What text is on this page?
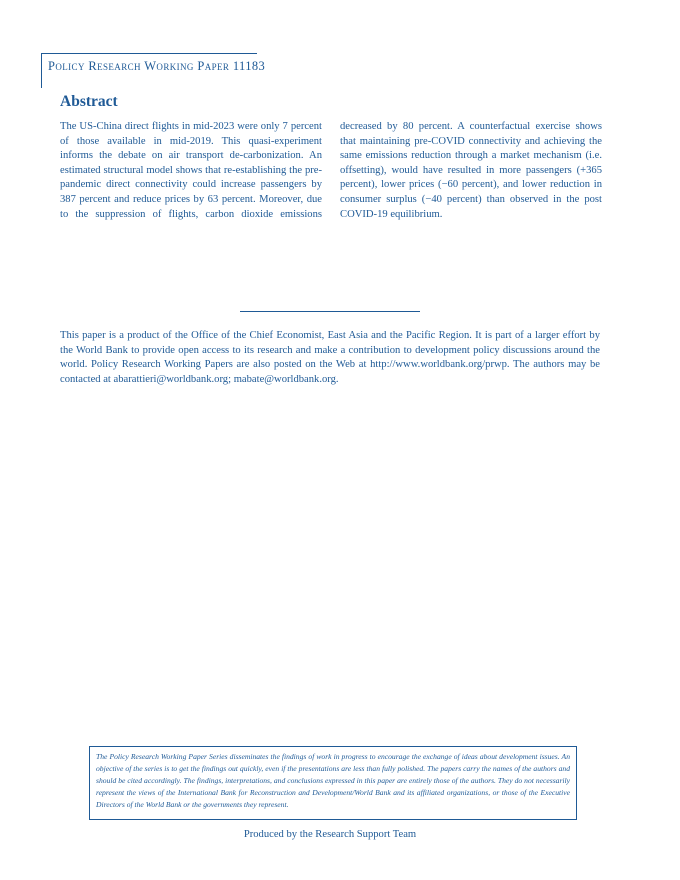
Policy Research Working Paper 11183
Abstract

The US-China direct flights in mid-2023 were only 7 percent of those available in mid-2019. This quasi-experiment informs the debate on air transport de-carbonization. An estimated structural model shows that re-establishing the pre-pandemic direct connectivity could increase passengers by 387 percent and reduce prices by 63 percent. Moreover, due to the suppression of flights, carbon dioxide emissions decreased by 80 percent. A counterfactual exercise shows that maintaining pre-COVID connectivity and achieving the same emissions reduction through a market mechanism (i.e. offsetting), would have resulted in more passengers (+365 percent), lower prices (−60 percent), and lower reduction in consumer surplus (−40 percent) than observed in the post COVID-19 equilibrium.

This paper is a product of the Office of the Chief Economist, East Asia and the Pacific Region. It is part of a larger effort by the World Bank to provide open access to its research and make a contribution to development policy discussions around the world. Policy Research Working Papers are also posted on the Web at http://www.worldbank.org/prwp. The authors may be contacted at abarattieri@worldbank.org; mabate@worldbank.org.

The Policy Research Working Paper Series disseminates the findings of work in progress to encourage the exchange of ideas about development issues. An objective of the series is to get the findings out quickly, even if the presentations are less than fully polished. The papers carry the names of the authors and should be cited accordingly. The findings, interpretations, and conclusions expressed in this paper are entirely those of the authors. They do not necessarily represent the views of the International Bank for Reconstruction and Development/World Bank and its affiliated organizations, or those of the Executive Directors of the World Bank or the governments they represent.

Produced by the Research Support Team
